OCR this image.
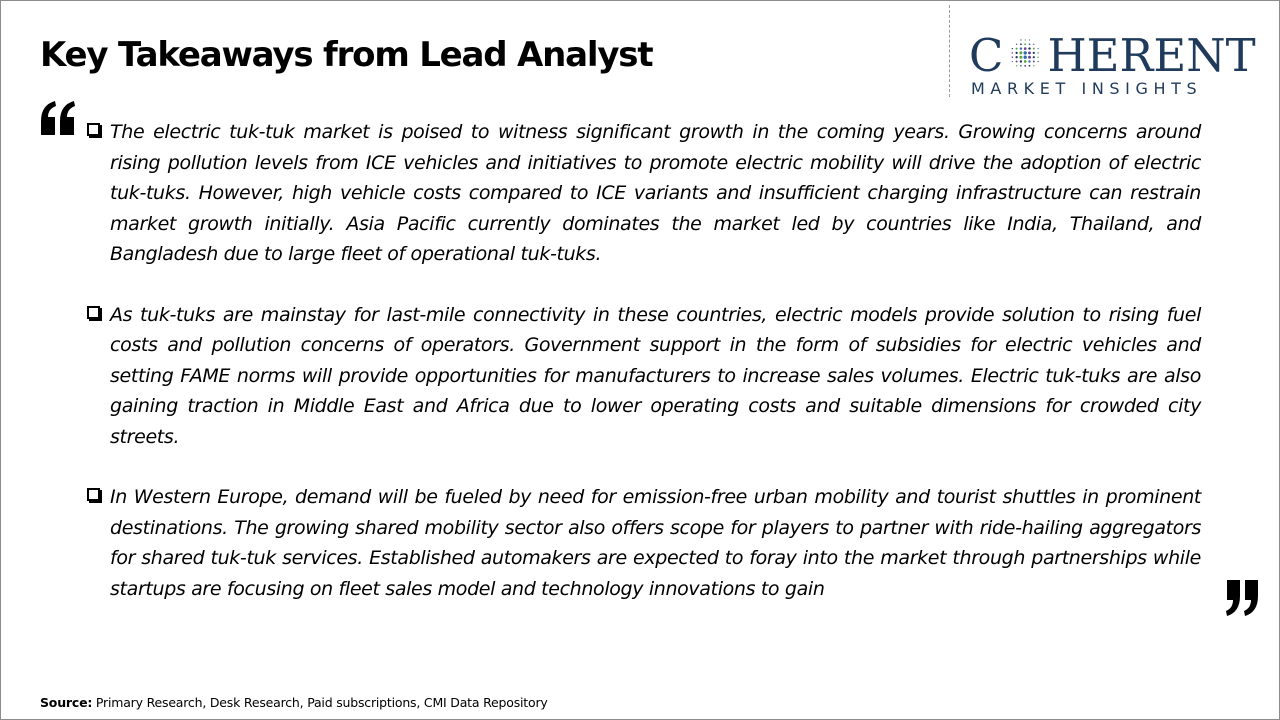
Key Takeaways from Lead Analyst	C HERENT
MARKET INSIGHTS
The electric tuk-tuk market is poised to witness significant growth in the coming years. Growing concerns around rising pollution levels from ICE vehicles and initiatives to promote electric mobility will drive the adoption of electric tuk-tuks. However, high vehicle costs compared to ICE variants and insufficient charging infrastructure can restrain market growth initially. Asia Pacific currently dominates the market led by countries like India, Thailand, and Bangladesh due to large fleet of operational tuk-tuks.
As tuk-tuks are mainstay for last-mile connectivity in these countries, electric models provide solution to rising fuel costs and pollution concerns of operators. Government support in the form of subsidies for electric vehicles and setting FAME norms will provide opportunities for manufacturers to increase sales volumes. Electric tuk-tuks are also gaining traction in Middle East and Africa due to lower operating costs and suitable dimensions for crowded city streets.
In Western Europe, demand will be fueled by need for emission-free urban mobility and tourist shuttles in prominent destinations. The growing shared mobility sector also offers scope for players to partner with ride-hailing aggregators for shared tuk-tuk services. Established automakers are expected to foray into the market through partnerships while startups are focusing on fleet sales model and technology innovations to gain
Source: Primary Research, Desk Research, Paid subscriptions, CMI Data Repository
